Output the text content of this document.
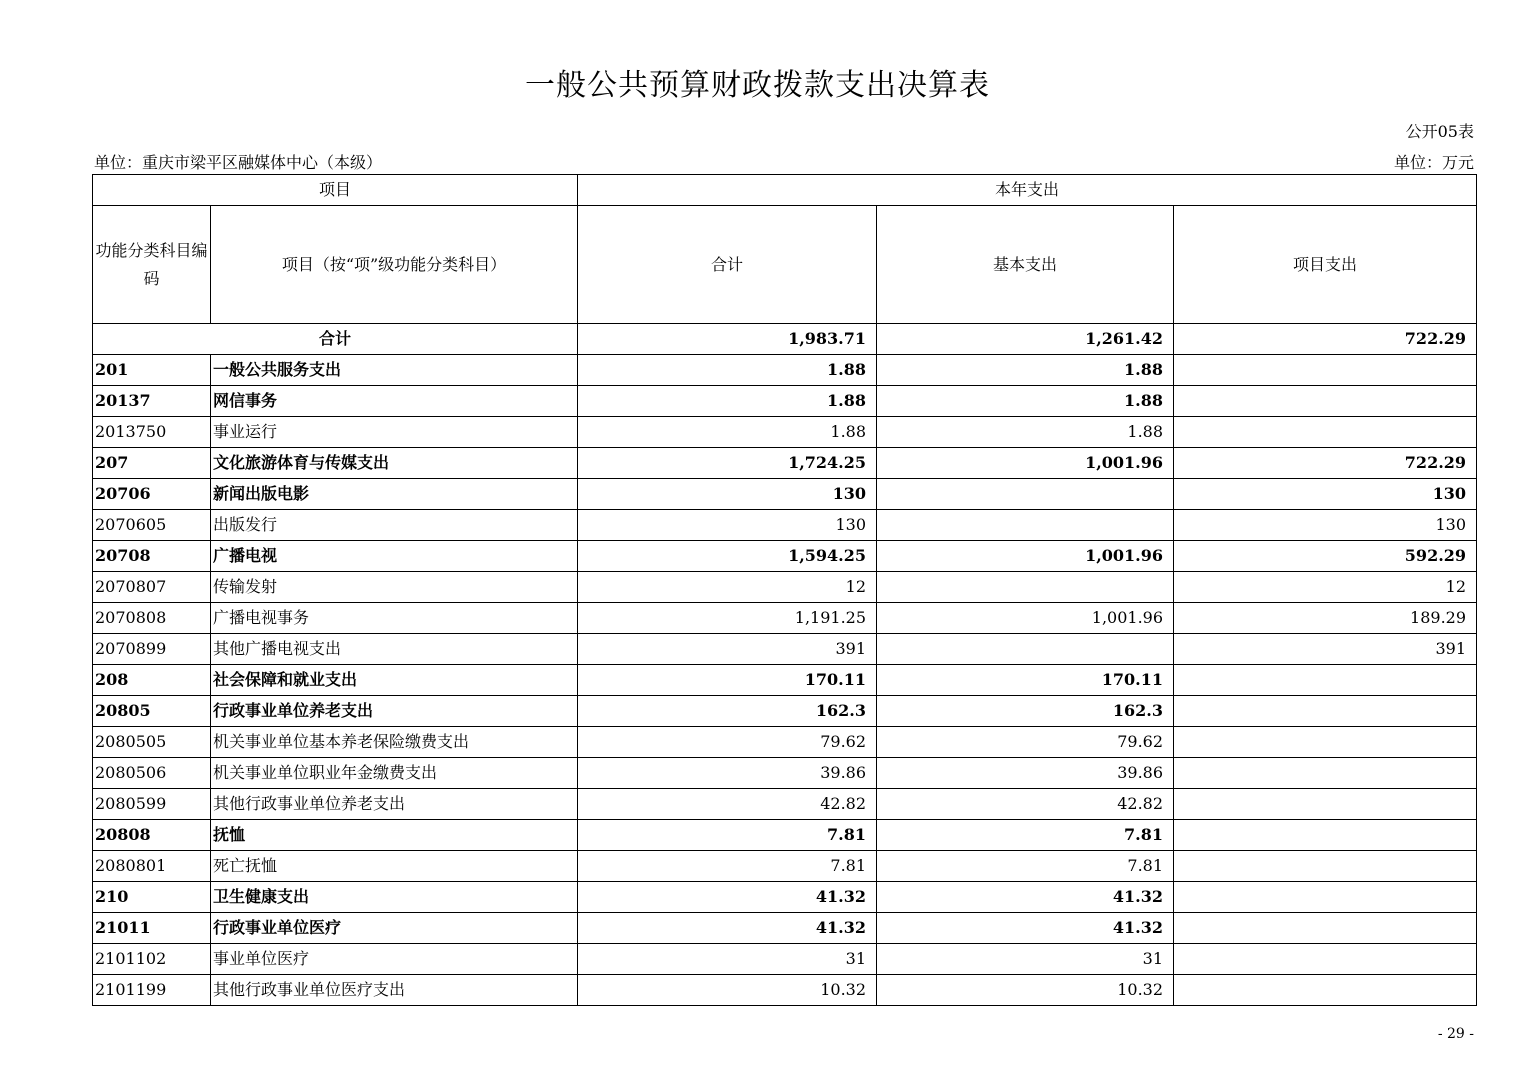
一般公共预算财政拨款支出决算表
公开05表
单位：重庆市梁平区融媒体中心（本级）	单位：万元
项目		本年支出		
功能分类科目编码	项目（按“项”级功能分类科目）	合计	基本支出	项目支出
合计		1,983.71	1,261.42	722.29
201	一般公共服务支出	1.88	1.88	
20137	网信事务	1.88	1.88	
2013750	事业运行	1.88	1.88	
207	文化旅游体育与传媒支出	1,724.25	1,001.96	722.29
20706	新闻出版电影	130		130
2070605	出版发行	130		130
20708	广播电视	1,594.25	1,001.96	592.29
2070807	传输发射	12		12
2070808	广播电视事务	1,191.25	1,001.96	189.29
2070899	其他广播电视支出	391		391
208	社会保障和就业支出	170.11	170.11	
20805	行政事业单位养老支出	162.3	162.3	
2080505	机关事业单位基本养老保险缴费支出	79.62	79.62	
2080506	机关事业单位职业年金缴费支出	39.86	39.86	
2080599	其他行政事业单位养老支出	42.82	42.82	
20808	抚恤	7.81	7.81	
2080801	死亡抚恤	7.81	7.81	
210	卫生健康支出	41.32	41.32	
21011	行政事业单位医疗	41.32	41.32	
2101102	事业单位医疗	31	31	
2101199	其他行政事业单位医疗支出	10.32	10.32	
- 29 -
